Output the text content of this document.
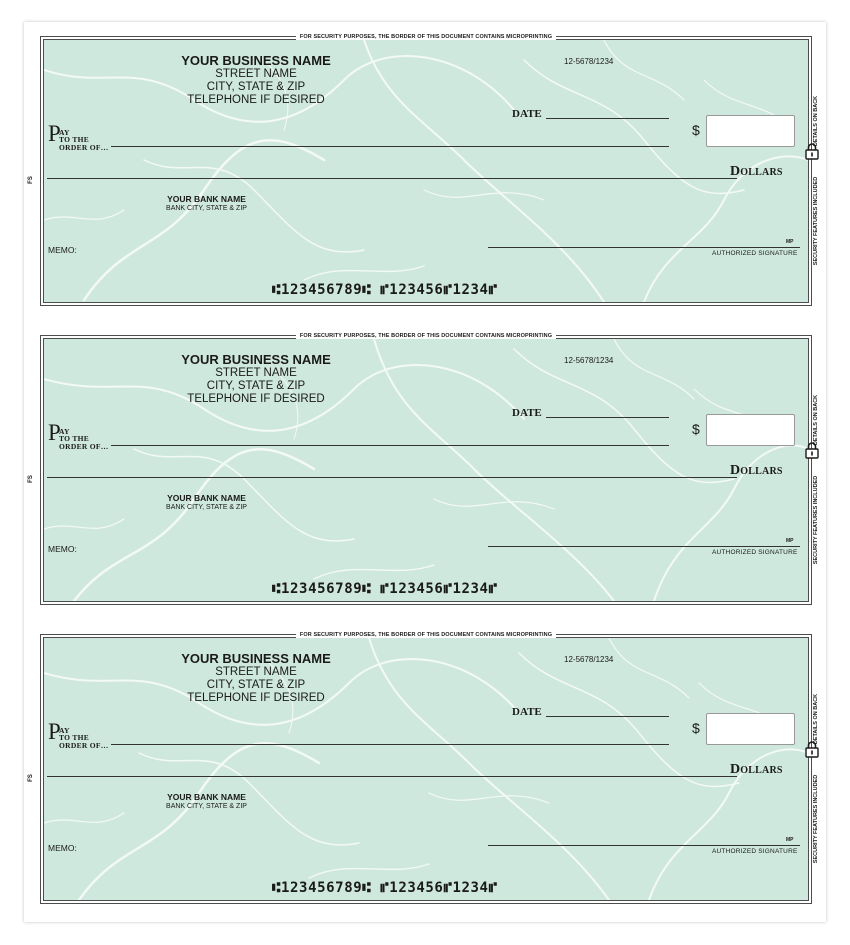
FOR SECURITY PURPOSES, THE BORDER OF THIS DOCUMENT CONTAINS MICROPRINTING
YOUR BUSINESS NAME
STREET NAME
CITY, STATE & ZIP
TELEPHONE IF DESIRED
12-5678/1234
DATE
$
P
AY
TO THE
ORDER OF…
Dollars
YOUR BANK NAME
BANK CITY, STATE & ZIP
MEMO:
MP
AUTHORIZED SIGNATURE
⑆123456789⑆ ⑈123456⑈1234⑈
DETAILS ON BACK
SECURITY FEATURES INCLUDED
FS
FOR SECURITY PURPOSES, THE BORDER OF THIS DOCUMENT CONTAINS MICROPRINTING
YOUR BUSINESS NAME
STREET NAME
CITY, STATE & ZIP
TELEPHONE IF DESIRED
12-5678/1234
DATE
$
P
AY
TO THE
ORDER OF…
Dollars
YOUR BANK NAME
BANK CITY, STATE & ZIP
MEMO:
MP
AUTHORIZED SIGNATURE
⑆123456789⑆ ⑈123456⑈1234⑈
DETAILS ON BACK
SECURITY FEATURES INCLUDED
FS
FOR SECURITY PURPOSES, THE BORDER OF THIS DOCUMENT CONTAINS MICROPRINTING
YOUR BUSINESS NAME
STREET NAME
CITY, STATE & ZIP
TELEPHONE IF DESIRED
12-5678/1234
DATE
$
P
AY
TO THE
ORDER OF…
Dollars
YOUR BANK NAME
BANK CITY, STATE & ZIP
MEMO:
MP
AUTHORIZED SIGNATURE
⑆123456789⑆ ⑈123456⑈1234⑈
DETAILS ON BACK
SECURITY FEATURES INCLUDED
FS
